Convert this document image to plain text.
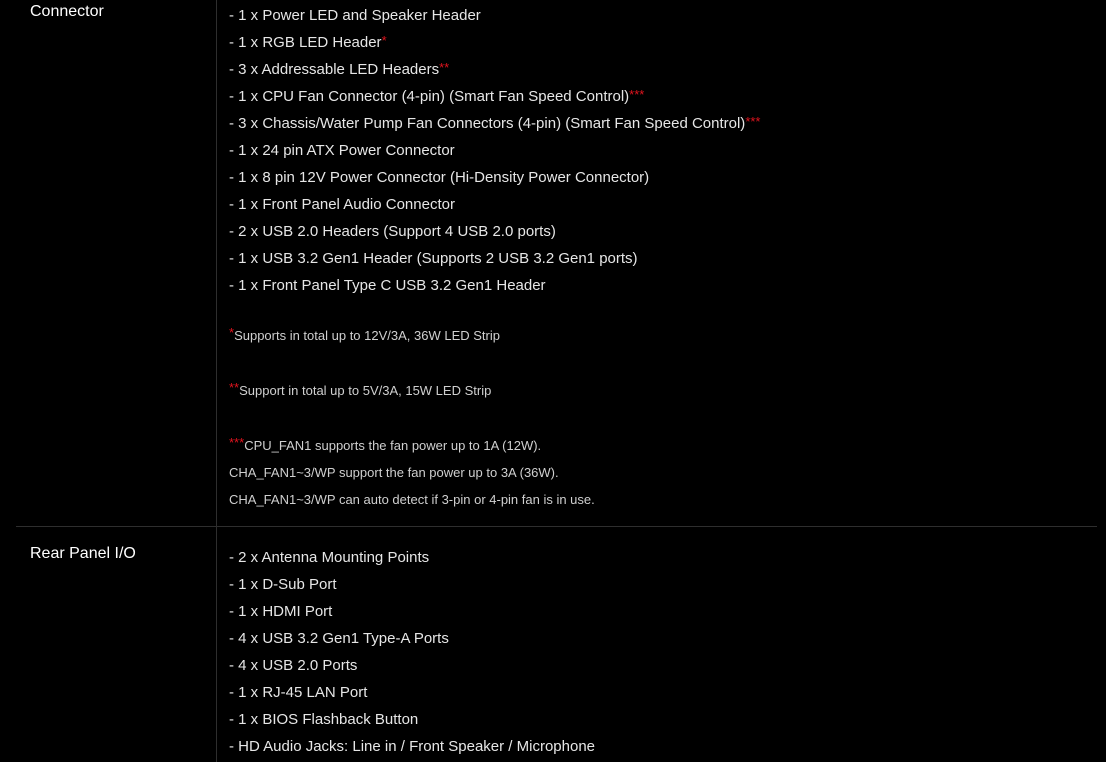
Connector	- 1 x Power LED and Speaker Header
- 1 x RGB LED Header*
- 3 x Addressable LED Headers**
- 1 x CPU Fan Connector (4-pin) (Smart Fan Speed Control)***
- 3 x Chassis/Water Pump Fan Connectors (4-pin) (Smart Fan Speed Control)***
- 1 x 24 pin ATX Power Connector
- 1 x 8 pin 12V Power Connector (Hi-Density Power Connector)
- 1 x Front Panel Audio Connector
- 2 x USB 2.0 Headers (Support 4 USB 2.0 ports)
- 1 x USB 3.2 Gen1 Header (Supports 2 USB 3.2 Gen1 ports)
- 1 x Front Panel Type C USB 3.2 Gen1 Header
*Supports in total up to 12V/3A, 36W LED Strip
**Support in total up to 5V/3A, 15W LED Strip
***CPU_FAN1 supports the fan power up to 1A (12W).
CHA_FAN1~3/WP support the fan power up to 3A (36W).
CHA_FAN1~3/WP can auto detect if 3-pin or 4-pin fan is in use.
Rear Panel I/O	- 2 x Antenna Mounting Points
- 1 x D-Sub Port
- 1 x HDMI Port
- 4 x USB 3.2 Gen1 Type-A Ports
- 4 x USB 2.0 Ports
- 1 x RJ-45 LAN Port
- 1 x BIOS Flashback Button
- HD Audio Jacks: Line in / Front Speaker / Microphone
